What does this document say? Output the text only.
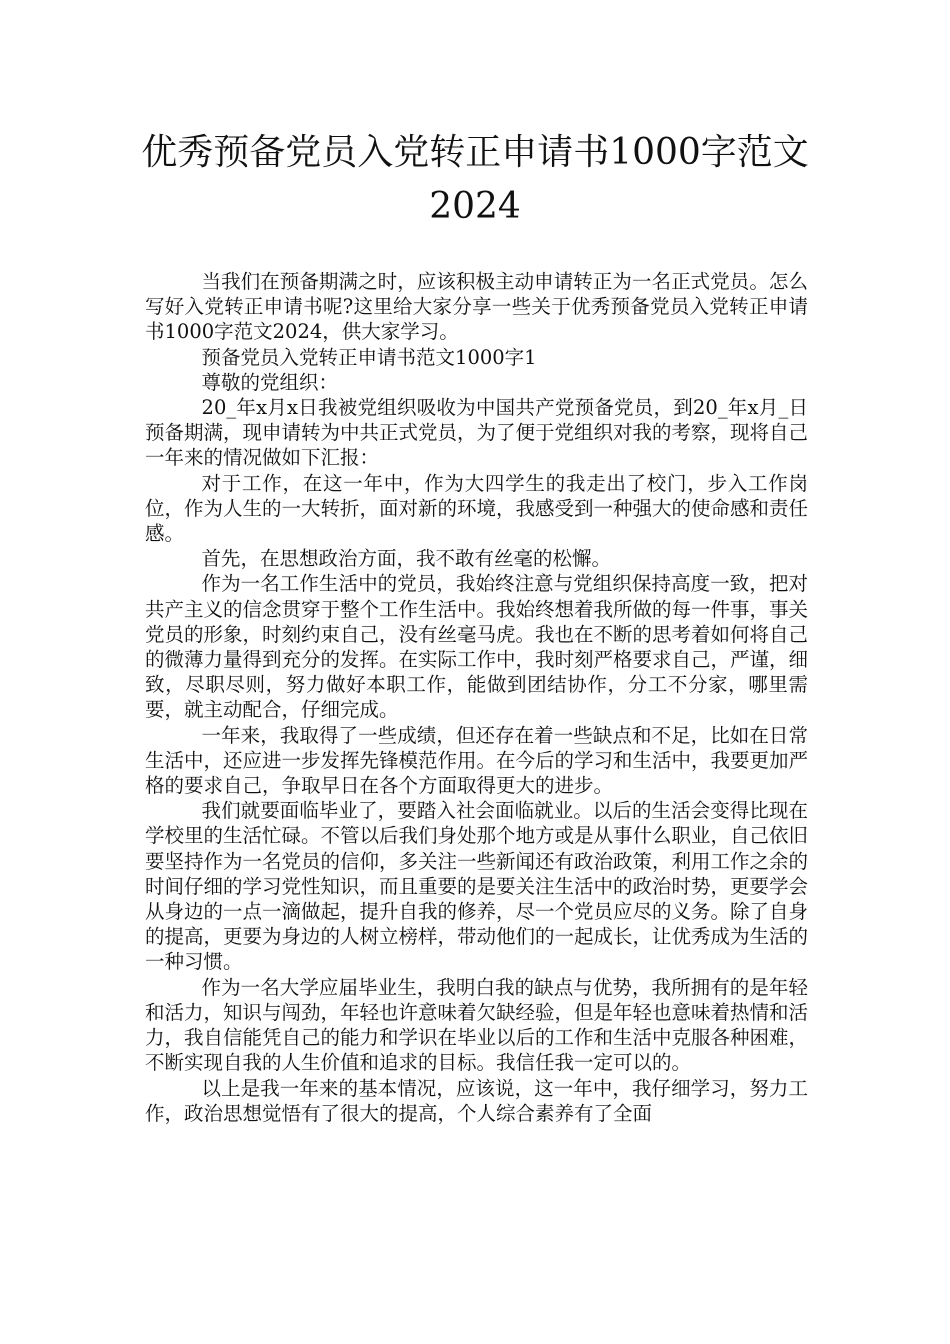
优秀预备党员入党转正申请书1000字范文
2024

当我们在预备期满之时，应该积极主动申请转正为一名正式党员。怎么写好入党转正申请书呢?这里给大家分享一些关于优秀预备党员入党转正申请书1000字范文2024，供大家学习。

预备党员入党转正申请书范文1000字1

尊敬的党组织：

20_年x月x日我被党组织吸收为中国共产党预备党员，到20_年x月_日预备期满，现申请转为中共正式党员，为了便于党组织对我的考察，现将自己一年来的情况做如下汇报：

对于工作，在这一年中，作为大四学生的我走出了校门，步入工作岗位，作为人生的一大转折，面对新的环境，我感受到一种强大的使命感和责任感。

首先，在思想政治方面，我不敢有丝毫的松懈。

作为一名工作生活中的党员，我始终注意与党组织保持高度一致，把对共产主义的信念贯穿于整个工作生活中。我始终想着我所做的每一件事，事关党员的形象，时刻约束自己，没有丝毫马虎。我也在不断的思考着如何将自己的微薄力量得到充分的发挥。在实际工作中，我时刻严格要求自己，严谨，细致，尽职尽则，努力做好本职工作，能做到团结协作，分工不分家，哪里需要，就主动配合，仔细完成。

一年来，我取得了一些成绩，但还存在着一些缺点和不足，比如在日常生活中，还应进一步发挥先锋模范作用。在今后的学习和生活中，我要更加严格的要求自己，争取早日在各个方面取得更大的进步。

我们就要面临毕业了，要踏入社会面临就业。以后的生活会变得比现在学校里的生活忙碌。不管以后我们身处那个地方或是从事什么职业，自己依旧要坚持作为一名党员的信仰，多关注一些新闻还有政治政策，利用工作之余的时间仔细的学习党性知识，而且重要的是要关注生活中的政治时势，更要学会从身边的一点一滴做起，提升自我的修养，尽一个党员应尽的义务。除了自身的提高，更要为身边的人树立榜样，带动他们的一起成长，让优秀成为生活的一种习惯。

作为一名大学应届毕业生，我明白我的缺点与优势，我所拥有的是年轻和活力，知识与闯劲，年轻也许意味着欠缺经验，但是年轻也意味着热情和活力，我自信能凭自己的能力和学识在毕业以后的工作和生活中克服各种困难，不断实现自我的人生价值和追求的目标。我信任我一定可以的。

以上是我一年来的基本情况，应该说，这一年中，我仔细学习，努力工作，政治思想觉悟有了很大的提高，个人综合素养有了全面
